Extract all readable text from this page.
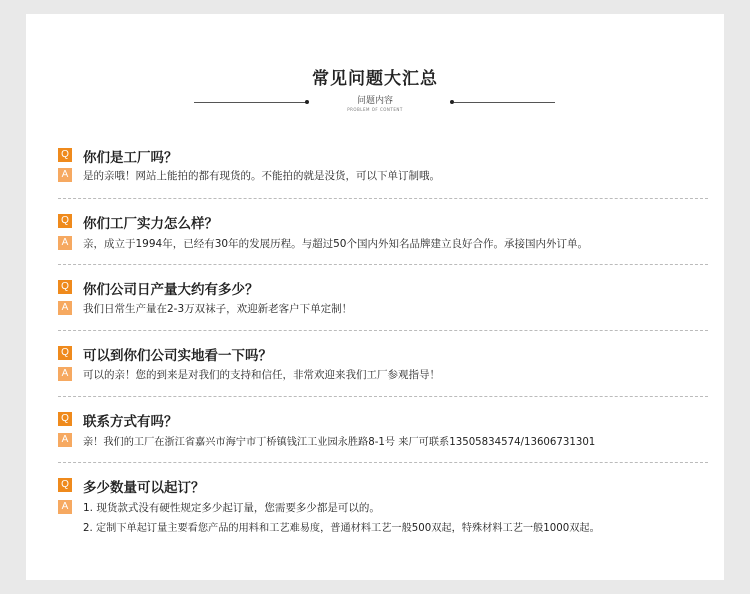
常见问题大汇总
问题内容
PROBLEM OF CONTENT
Q 你们是工厂吗？
A	是的亲哦！网站上能拍的都有现货的。不能拍的就是没货，可以下单订制哦。
Q 你们工厂实力怎么样？
A	亲，成立于1994年，已经有30年的发展历程。与超过50个国内外知名品牌建立良好合作。承接国内外订单。
Q 你们公司日产量大约有多少？
A	我们日常生产量在2-3万双袜子，欢迎新老客户下单定制！
Q 可以到你们公司实地看一下吗？
A	可以的亲！您的到来是对我们的支持和信任，非常欢迎来我们工厂参观指导！
Q 联系方式有吗？
A	亲！我们的工厂在浙江省嘉兴市海宁市丁桥镇钱江工业园永胜路8-1号 来厂可联系13505834574/13606731301
Q 多少数量可以起订？
A	1. 现货款式没有硬性规定多少起订量，您需要多少都是可以的。
2. 定制下单起订量主要看您产品的用料和工艺难易度，普通材料工艺一般500双起，特殊材料工艺一般1000双起。
